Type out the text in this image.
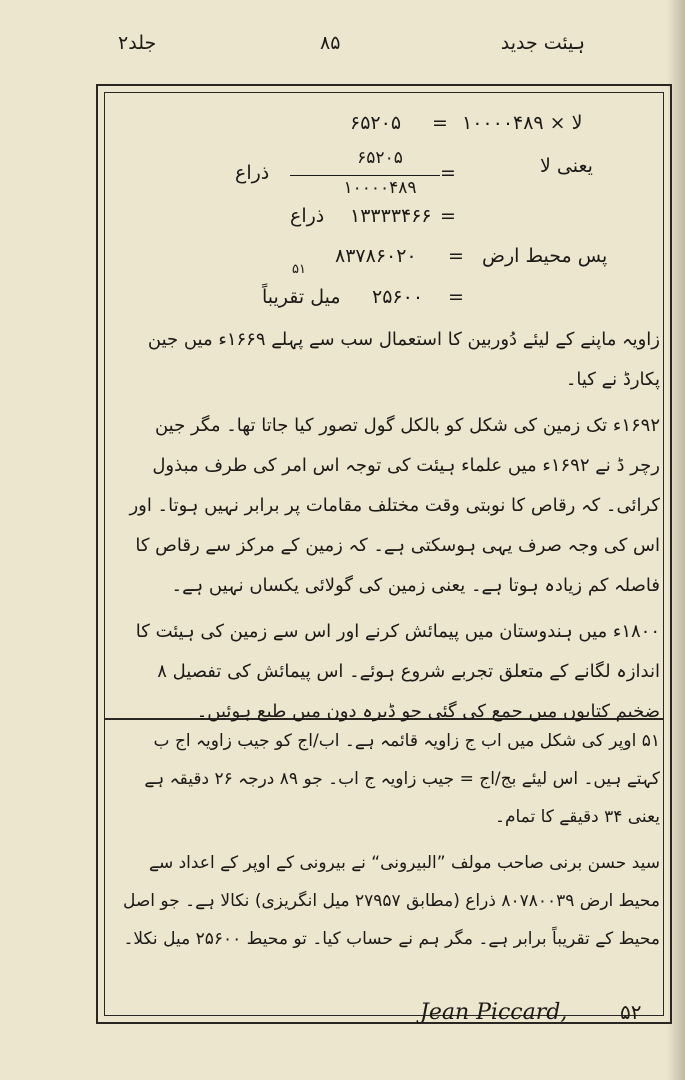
ہیئت جدید
۸۵
جلد۲
۶۵۲۰۵ = لا × ۱۰۰۰۰۴۸۹
یعنی لا
=
۶۵۲۰۵
۱۰۰۰۰۴۸۹
ذراع
=
۱۳۳۳۳۴۶۶
ذراع
پس محیط ارض
=
۸۳۷۸۶۰۲۰
=
۲۵۶۰۰
میل تقریباً
۵۱

زاویہ ماپنے کے لیئے دُوربین کا استعمال سب سے پہلے ۱۶۶۹ء میں جین پکارڈ نے کیا۔

۱۶۹۲ء تک زمین کی شکل کو بالکل گول تصور کیا جاتا تھا۔ مگر جین رچر ڈ نے ۱۶۹۲ء میں علماء ہیئت کی توجہ اس امر کی طرف مبذول کرائی۔ کہ رقاص کا نوبتی وقت مختلف مقامات پر برابر نہیں ہوتا۔ اور اس کی وجہ صرف یہی ہوسکتی ہے۔ کہ زمین کے مرکز سے رقاص کا فاصلہ کم زیادہ ہوتا ہے۔ یعنی زمین کی گولائی یکساں نہیں ہے۔

۱۸۰۰ء میں ہندوستان میں پیمائش کرنے اور اس سے زمین کی ہیئت کا اندازہ لگانے کے متعلق تجربے شروع ہوئے۔ اس پیمائش کی تفصیل ۸ ضخیم کتابوں میں جمع کی گئی جو ڈیرہ دون میں طبع ہوئیں۔

۵۱ اوپر کی شکل میں اب ج زاویہ قائمہ ہے۔ اب/اج کو جیب زاویہ اج ب کہتے ہیں۔ اس لیئے بج/اج = جیب زاویہ ج اب۔ جو ۸۹ درجہ ۲۶ دقیقہ ہے

یعنی ۳۴ دقیقے کا تمام۔

سید حسن برنی صاحب مولف ”البیرونی“ نے بیرونی کے اوپر کے اعداد سے محیط ارض ۸۰۷۸۰۰۳۹ ذراع (مطابق ۲۷۹۵۷ میل انگریزی) نکالا ہے۔ جو اصل محیط کے تقریباً برابر ہے۔ مگر ہم نے حساب کیا۔ تو محیط ۲۵۶۰۰ میل نکلا۔

Jean Piccard,	۵۲
